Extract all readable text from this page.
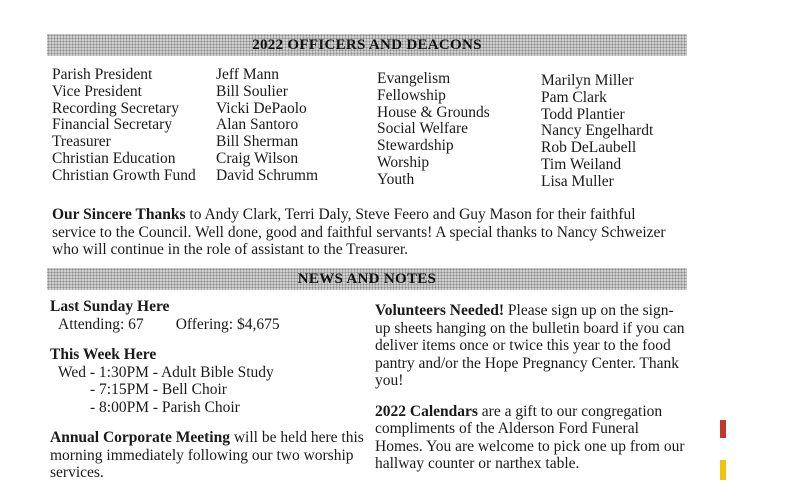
2022 OFFICERS AND DEACONS
Parish President
Vice President
Recording Secretary
Financial Secretary
Treasurer
Christian Education
Christian Growth Fund
Jeff Mann
Bill Soulier
Vicki DePaolo
Alan Santoro
Bill Sherman
Craig Wilson
David Schrumm
Evangelism
Fellowship
House & Grounds
Social Welfare
Stewardship
Worship
Youth
Marilyn Miller
Pam Clark
Todd Plantier
Nancy Engelhardt
Rob DeLaubell
Tim Weiland
Lisa Muller
Our Sincere Thanks to Andy Clark, Terri Daly, Steve Feero and Guy Mason for their faithful service to the Council. Well done, good and faithful servants! A special thanks to Nancy Schweizer who will continue in the role of assistant to the Treasurer.
NEWS AND NOTES
Last Sunday Here
Attending: 67 Offering: $4,675
This Week Here
Wed - 1:30PM - Adult Bible Study
- 7:15PM - Bell Choir
- 8:00PM - Parish Choir
Annual Corporate Meeting will be held here this morning immediately following our two worship services.
Volunteers Needed! Please sign up on the sign-up sheets hanging on the bulletin board if you can deliver items once or twice this year to the food pantry and/or the Hope Pregnancy Center. Thank you!
2022 Calendars are a gift to our congregation compliments of the Alderson Ford Funeral Homes. You are welcome to pick one up from our hallway counter or narthex table.
